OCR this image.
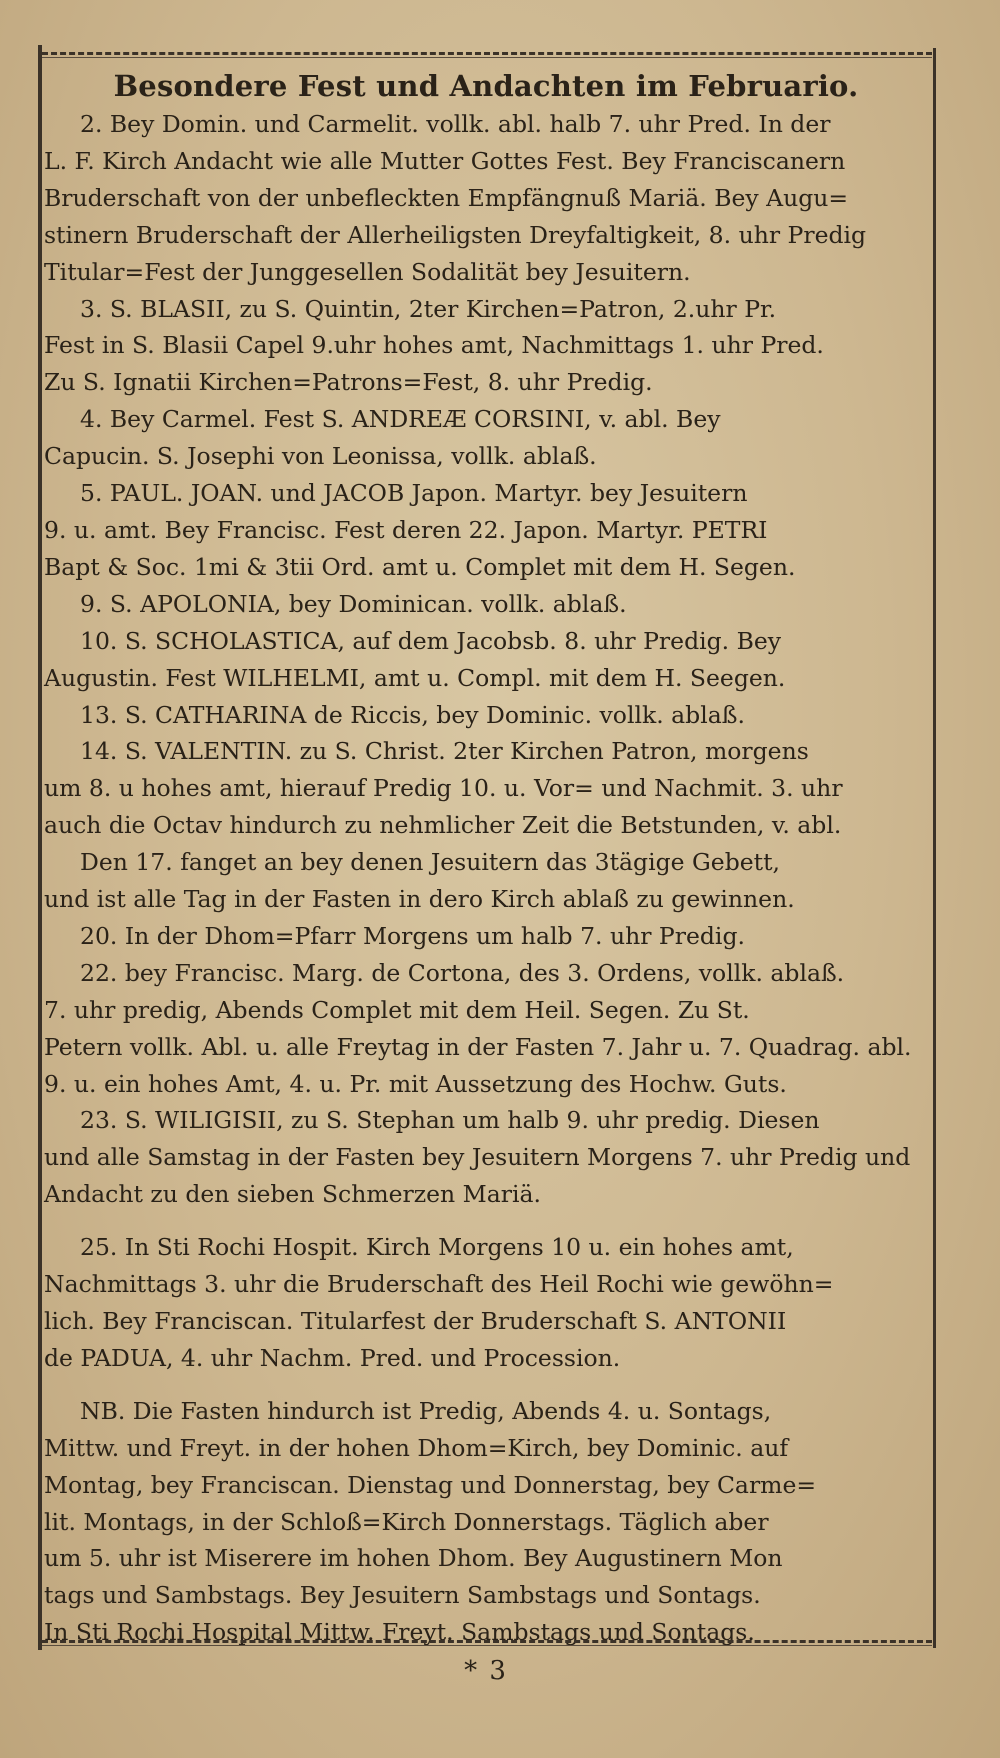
Besondere Fest und Andachten im Februario.

2. Bey Domin. und Carmelit. vollk. abl. halb 7. uhr Pred. In der

L. F. Kirch Andacht wie alle Mutter Gottes Fest. Bey Franciscanern

Bruderschaft von der unbefleckten Empfängnuß Mariä. Bey Augu=

stinern Bruderschaft der Allerheiligsten Dreyfaltigkeit, 8. uhr Predig

Titular=Fest der Junggesellen Sodalität bey Jesuitern.

3. S. BLASII, zu S. Quintin, 2ter Kirchen=Patron, 2.uhr Pr.

Fest in S. Blasii Capel 9.uhr hohes amt, Nachmittags 1. uhr Pred.

Zu S. Ignatii Kirchen=Patrons=Fest, 8. uhr Predig.

4. Bey Carmel. Fest S. ANDREÆ CORSINI, v. abl. Bey

Capucin. S. Josephi von Leonissa, vollk. ablaß.

5. PAUL. JOAN. und JACOB Japon. Martyr. bey Jesuitern

9. u. amt. Bey Francisc. Fest deren 22. Japon. Martyr. PETRI

Bapt & Soc. 1mi & 3tii Ord. amt u. Complet mit dem H. Segen.

9. S. APOLONIA, bey Dominican. vollk. ablaß.

10. S. SCHOLASTICA, auf dem Jacobsb. 8. uhr Predig. Bey

Augustin. Fest WILHELMI, amt u. Compl. mit dem H. Seegen.

13. S. CATHARINA de Riccis, bey Dominic. vollk. ablaß.

14. S. VALENTIN. zu S. Christ. 2ter Kirchen Patron, morgens

um 8. u hohes amt, hierauf Predig 10. u. Vor= und Nachmit. 3. uhr

auch die Octav hindurch zu nehmlicher Zeit die Betstunden, v. abl.

Den 17. fanget an bey denen Jesuitern das 3tägige Gebett,

und ist alle Tag in der Fasten in dero Kirch ablaß zu gewinnen.

20. In der Dhom=Pfarr Morgens um halb 7. uhr Predig.

22. bey Francisc. Marg. de Cortona, des 3. Ordens, vollk. ablaß.

7. uhr predig, Abends Complet mit dem Heil. Segen. Zu St.

Petern vollk. Abl. u. alle Freytag in der Fasten 7. Jahr u. 7. Quadrag. abl.

9. u. ein hohes Amt, 4. u. Pr. mit Aussetzung des Hochw. Guts.

23. S. WILIGISII, zu S. Stephan um halb 9. uhr predig. Diesen

und alle Samstag in der Fasten bey Jesuitern Morgens 7. uhr Predig und

Andacht zu den sieben Schmerzen Mariä.

25. In Sti Rochi Hospit. Kirch Morgens 10 u. ein hohes amt,

Nachmittags 3. uhr die Bruderschaft des Heil Rochi wie gewöhn=

lich. Bey Franciscan. Titularfest der Bruderschaft S. ANTONII

de PADUA, 4. uhr Nachm. Pred. und Procession.

NB. Die Fasten hindurch ist Predig, Abends 4. u. Sontags,

Mittw. und Freyt. in der hohen Dhom=Kirch, bey Dominic. auf

Montag, bey Franciscan. Dienstag und Donnerstag, bey Carme=

lit. Montags, in der Schloß=Kirch Donnerstags. Täglich aber

um 5. uhr ist Miserere im hohen Dhom. Bey Augustinern Mon

tags und Sambstags. Bey Jesuitern Sambstags und Sontags.

In Sti Rochi Hospital Mittw. Freyt. Sambstags und Sontags.

* 3
